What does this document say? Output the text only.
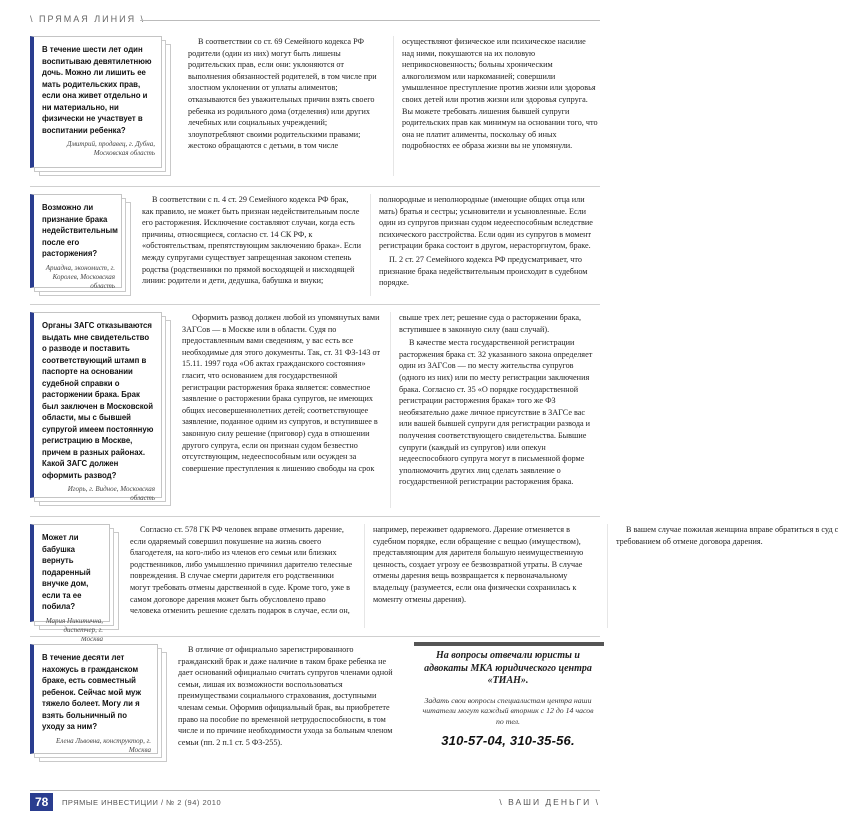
\ ПРЯМАЯ ЛИНИЯ \
В течение шести лет один воспитываю девятилетнюю дочь. Можно ли лишить ее мать родительских прав, если она живет отдельно и ни материально, ни физически не участвует в воспитании ребенка?
Дмитрий, продавец, г. Дубна, Московская область

В соответствии со ст. 69 Семейного кодекса РФ родители (один из них) могут быть лишены родительских прав, если они: уклоняются от выполнения обязанностей родителей, в том числе при злостном уклонении от уплаты алиментов; отказываются без уважительных причин взять своего ребенка из родильного дома (отделения) или других лечебных или социальных учреждений; злоупотребляют своими родительскими правами; жестоко обращаются с детьми, в том числе осуществляют физическое или психическое насилие над ними, покушаются на их половую неприкосновенность; больны хроническим алкоголизмом или наркоманией; совершили умышленное преступление против жизни или здоровья своих детей или против жизни или здоровья супруга. Вы можете требовать лишения бывшей супруги родительских прав как минимум на основании того, что она не платит алименты, поскольку об иных подробностях ее образа жизни вы не упомянули.

Возможно ли признание брака недействительным после его расторжения?
Ариадна, экономист, г. Королев, Московская область

В соответствии с п. 4 ст. 29 Семейного кодекса РФ брак, как правило, не может быть признан недействительным после его расторжения. Исключение составляют случаи, когда есть причины, относящиеся, согласно ст. 14 СК РФ, к «обстоятельствам, препятствующим заключению брака». Если между супругами существует запрещенная законом степень родства (родственники по прямой восходящей и нисходящей линии: родители и дети, дедушка, бабушка и внуки; полнородные и неполнородные (имеющие общих отца или мать) братья и сестры; усыновители и усыновленные. Если один из супругов признан судом недееспособным вследствие психического расстройства. Если один из супругов в момент регистрации брака состоит в другом, нерасторгнутом, браке.

П. 2 ст. 27 Семейного кодекса РФ предусматривает, что признание брака недействительным происходит в судебном порядке.

Органы ЗАГС отказываются выдать мне свидетельство о разводе и поставить соответствующий штамп в паспорте на основании судебной справки о расторжении брака. Брак был заключен в Московской области, мы с бывшей супругой имеем постоянную регистрацию в Москве, причем в разных районах. Какой ЗАГС должен оформить развод?
Игорь, г. Видное, Московская область

Оформить развод должен любой из упомянутых вами ЗАГСов — в Москве или в области. Судя по предоставленным вами сведениям, у вас есть все необходимые для этого документы. Так, ст. 31 ФЗ-143 от 15.11. 1997 года «Об актах гражданского состояния» гласит, что основанием для государственной регистрации расторжения брака является: совместное заявление о расторжении брака супругов, не имеющих общих несовершеннолетних детей; соответствующее заявление, поданное одним из супругов, и вступившее в законную силу решение (приговор) суда в отношении другого супруга, если он признан судом безвестно отсутствующим, недееспособным или осужден за совершение преступления к лишению свободы на срок свыше трех лет; решение суда о расторжении брака, вступившее в законную силу (ваш случай).

В качестве места государственной регистрации расторжения брака ст. 32 указанного закона определяет один из ЗАГСов — по месту жительства супругов (одного из них) или по месту регистрации заключения брака. Согласно ст. 35 «О порядке государственной регистрации расторжения брака» того же ФЗ необязательно даже личное присутствие в ЗАГСе вас или вашей бывшей супруги для регистрации развода и получения соответствующего свидетельства. Бывшие супруги (каждый из супругов) или опекун недееспособного супруга могут в письменной форме уполномочить других лиц сделать заявление о государственной регистрации расторжения брака.

Может ли бабушка вернуть подаренный внучке дом, если та ее побила?
Мария Никитична, диспетчер, г. Москва

Согласно ст. 578 ГК РФ человек вправе отменить дарение, если одаряемый совершил покушение на жизнь своего благодетеля, на кого-либо из членов его семьи или близких родственников, либо умышленно причинил дарителю телесные повреждения. В случае смерти дарителя его родственники могут требовать отмены дарственной в суде. Кроме того, уже в самом договоре дарения может быть обусловлено право человека отменить решение сделать подарок в случае, если он, например, переживет одаряемого. Дарение отменяется в судебном порядке, если обращение с вещью (имуществом), представляющим для дарителя большую неимущественную ценность, создает угрозу ее безвозвратной утраты. В случае отмены дарения вещь возвращается к первоначальному владельцу (разумеется, если она физически сохранилась к моменту отмены дарения).

В вашем случае пожилая женщина вправе обратиться в суд с требованием об отмене договора дарения.

В течение десяти лет нахожусь в гражданском браке, есть совместный ребенок. Сейчас мой муж тяжело болеет. Могу ли я взять больничный по уходу за ним?
Елена Львовна, конструктор, г. Москва

В отличие от официально зарегистрированного гражданский брак и даже наличие в таком браке ребенка не дает оснований официально считать супругов членами одной семьи, лишая их возможности воспользоваться преимуществами социального страхования, доступными членам семьи. Оформив официальный брак, вы приобретете право на пособие по временной нетрудоспособности, в том числе и по причине необходимости ухода за больным членом семьи (пп. 2 п.1 ст. 5 ФЗ-255).

На вопросы отвечали юристы и адвокаты МКА юридического центра «ТИАН».
Задать свои вопросы специалистам центра наши читатели могут каждый вторник с 12 до 14 часов по тел.
310-57-04, 310-35-56.
78	ПРЯМЫЕ ИНВЕСТИЦИИ / № 2 (94) 2010	\ ВАШИ ДЕНЬГИ \
